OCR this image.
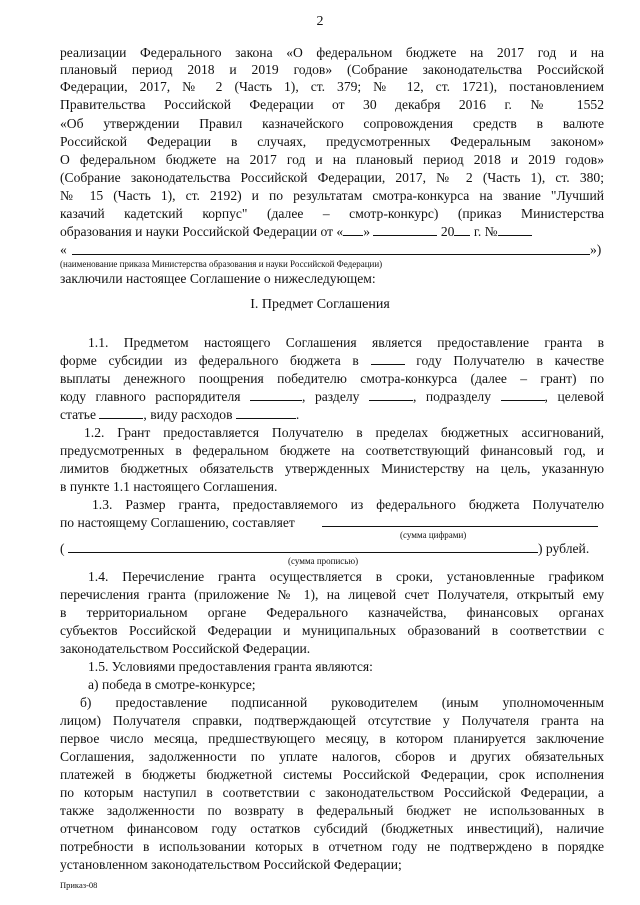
2
реализации Федерального закона «О федеральном бюджете на 2017 год и на
плановый период 2018 и 2019 годов» (Собрание законодательства Российской
Федерации, 2017, № 2 (Часть 1), ст. 379; № 12, ст. 1721), постановлением
Правительства Российской Федерации от 30 декабря 2016 г. № 1552
«Об утверждении Правил казначейского сопровождения средств в валюте
Российской Федерации в случаях, предусмотренных Федеральным законом»
О федеральном бюджете на 2017 год и на плановый период 2018 и 2019 годов»
(Собрание законодательства Российской Федерации, 2017, № 2 (Часть 1), ст. 380;
№ 15 (Часть 1), ст. 2192) и по результатам смотра-конкурса на звание "Лучший
казачий кадетский корпус" (далее – смотр-конкурс) (приказ Министерства
образования и науки Российской Федерации от « »	20 г. №
«	»)
(наименование приказа Министерства образования и науки Российской Федерации)
заключили настоящее Соглашение о нижеследующем:
I. Предмет Соглашения
1.1. Предметом настоящего Соглашения является предоставление гранта в
форме субсидии из федерального бюджета в	году Получателю в качестве
выплаты денежного поощрения победителю смотра-конкурса (далее – грант) по
коду главного распорядителя	, разделу	, подразделу	, целевой
статье	, виду расходов	.
1.2. Грант предоставляется Получателю в пределах бюджетных ассигнований,
предусмотренных в федеральном бюджете на соответствующий финансовый год, и
лимитов бюджетных обязательств утвержденных Министерству на цель, указанную
в пункте 1.1 настоящего Соглашения.
1.3. Размер гранта, предоставляемого из федерального бюджета Получателю
по настоящему Соглашению, составляет
(сумма цифрами)
(	) рублей.
(сумма прописью)
1.4. Перечисление гранта осуществляется в сроки, установленные графиком
перечисления гранта (приложение № 1), на лицевой счет Получателя, открытый ему
в территориальном органе Федерального казначейства, финансовых органах
субъектов Российской Федерации и муниципальных образований в соответствии с
законодательством Российской Федерации.
1.5. Условиями предоставления гранта являются:
а) победа в смотре-конкурсе;
б) предоставление подписанной руководителем (иным уполномоченным
лицом) Получателя справки, подтверждающей отсутствие у Получателя гранта на
первое число месяца, предшествующего месяцу, в котором планируется заключение
Соглашения, задолженности по уплате налогов, сборов и других обязательных
платежей в бюджеты бюджетной системы Российской Федерации, срок исполнения
по которым наступил в соответствии с законодательством Российской Федерации, а
также задолженности по возврату в федеральный бюджет не использованных в
отчетном финансовом году остатков субсидий (бюджетных инвестиций), наличие
потребности в использовании которых в отчетном году не подтверждено в порядке
установленном законодательством Российской Федерации;
Приказ-08
